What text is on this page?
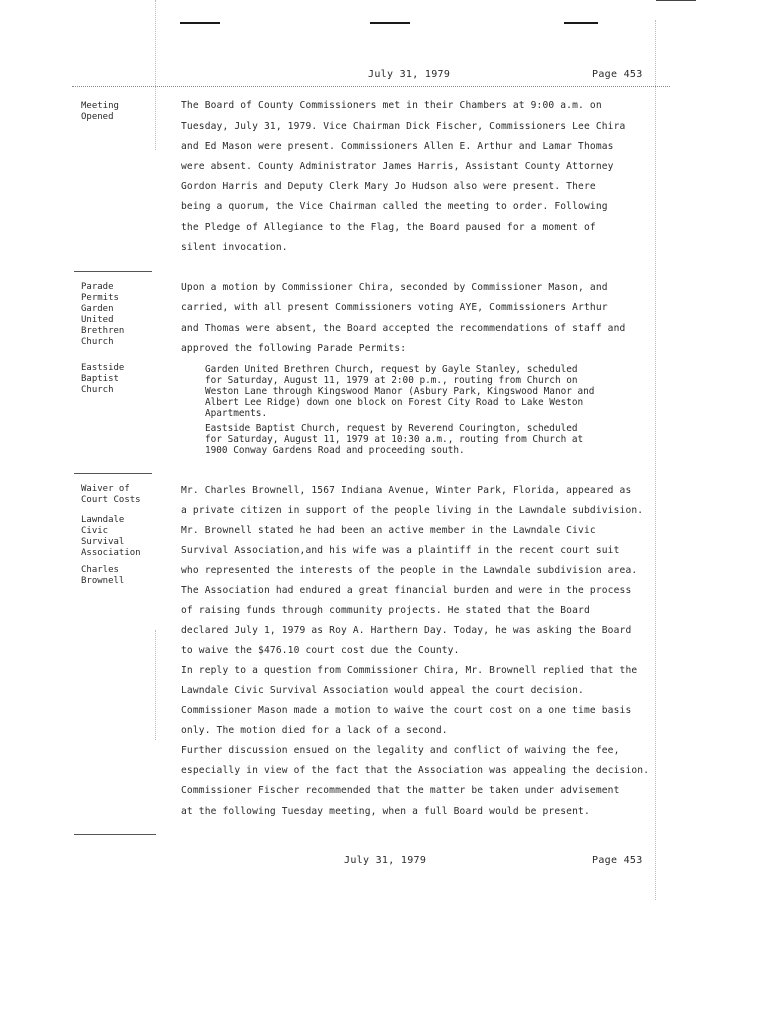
July 31, 1979	Page 453
Meeting
Opened
Parade
Permits
Garden
United
Brethren
Church
Eastside
Baptist
Church
Waiver of
Court Costs
Lawndale
Civic
Survival
Association
Charles
Brownell
The Board of County Commissioners met in their Chambers at 9:00 a.m. on
Tuesday, July 31, 1979. Vice Chairman Dick Fischer, Commissioners Lee Chira
and Ed Mason were present. Commissioners Allen E. Arthur and Lamar Thomas
were absent. County Administrator James Harris, Assistant County Attorney
Gordon Harris and Deputy Clerk Mary Jo Hudson also were present. There
being a quorum, the Vice Chairman called the meeting to order. Following
the Pledge of Allegiance to the Flag, the Board paused for a moment of
silent invocation.
Upon a motion by Commissioner Chira, seconded by Commissioner Mason, and
carried, with all present Commissioners voting AYE, Commissioners Arthur
and Thomas were absent, the Board accepted the recommendations of staff and
approved the following Parade Permits:
Garden United Brethren Church, request by Gayle Stanley, scheduled
for Saturday, August 11, 1979 at 2:00 p.m., routing from Church on
Weston Lane through Kingswood Manor (Asbury Park, Kingswood Manor and
Albert Lee Ridge) down one block on Forest City Road to Lake Weston
Apartments.
Eastside Baptist Church, request by Reverend Courington, scheduled
for Saturday, August 11, 1979 at 10:30 a.m., routing from Church at
1900 Conway Gardens Road and proceeding south.
Mr. Charles Brownell, 1567 Indiana Avenue, Winter Park, Florida, appeared as
a private citizen in support of the people living in the Lawndale subdivision.
Mr. Brownell stated he had been an active member in the Lawndale Civic
Survival Association,and his wife was a plaintiff in the recent court suit
who represented the interests of the people in the Lawndale subdivision area.
The Association had endured a great financial burden and were in the process
of raising funds through community projects. He stated that the Board
declared July 1, 1979 as Roy A. Harthern Day. Today, he was asking the Board
to waive the $476.10 court cost due the County.
In reply to a question from Commissioner Chira, Mr. Brownell replied that the
Lawndale Civic Survival Association would appeal the court decision.
Commissioner Mason made a motion to waive the court cost on a one time basis
only. The motion died for a lack of a second.
Further discussion ensued on the legality and conflict of waiving the fee,
especially in view of the fact that the Association was appealing the decision.
Commissioner Fischer recommended that the matter be taken under advisement
at the following Tuesday meeting, when a full Board would be present.
July 31, 1979	Page 453
